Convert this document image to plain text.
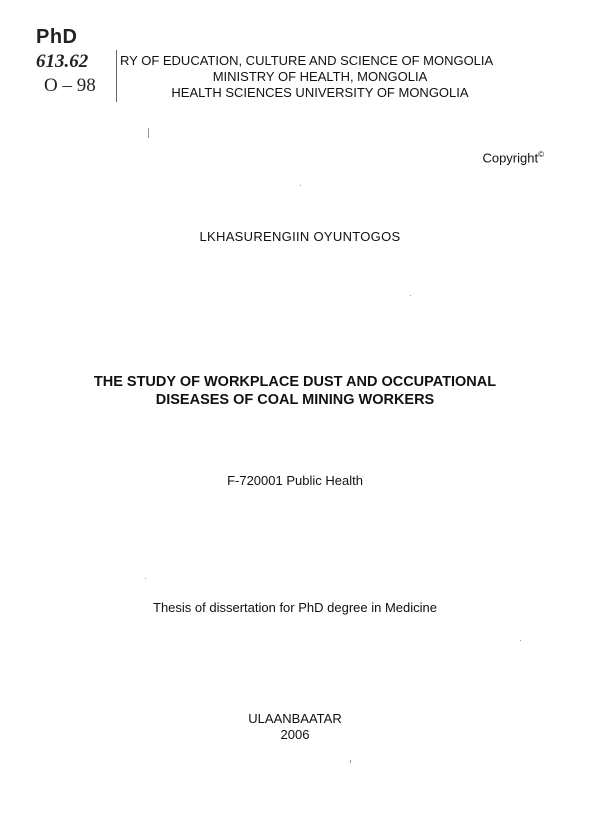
PhD
613.62
O – 98
RY OF EDUCATION, CULTURE AND SCIENCE OF MONGOLIA
MINISTRY OF HEALTH, MONGOLIA
HEALTH SCIENCES UNIVERSITY OF MONGOLIA
Copyright©
LKHASURENGIIN OYUNTOGOS
THE STUDY OF WORKPLACE DUST AND OCCUPATIONAL
DISEASES OF COAL MINING WORKERS
F-720001 Public Health
Thesis of dissertation for PhD degree in Medicine
ULAANBAATAR
2006
